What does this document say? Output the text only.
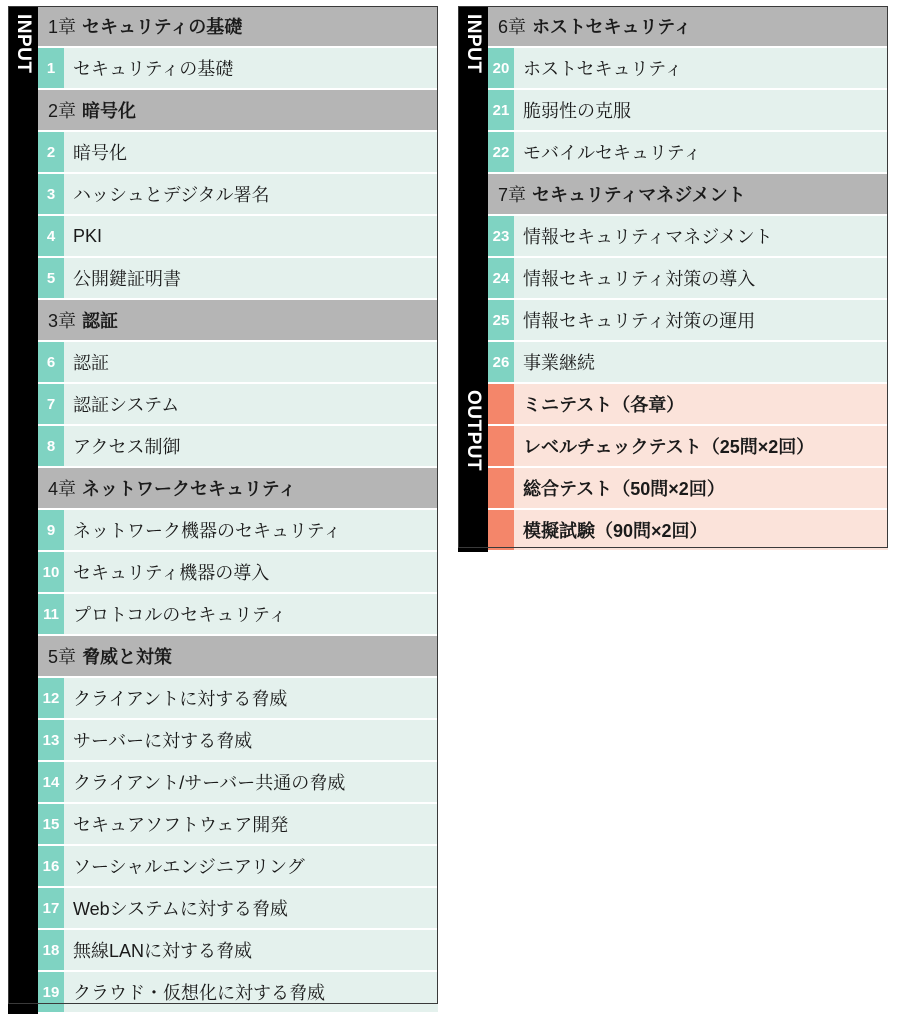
INPUT 1章 セキュリティの基礎
1 セキュリティの基礎
2章 暗号化
2 暗号化
3 ハッシュとデジタル署名
4 PKI
5 公開鍵証明書
3章 認証
6 認証
7 認証システム
8 アクセス制御
4章 ネットワークセキュリティ
9 ネットワーク機器のセキュリティ
10 セキュリティ機器の導入
11 プロトコルのセキュリティ
5章 脅威と対策
12 クライアントに対する脅威
13 サーバーに対する脅威
14 クライアント/サーバー共通の脅威
15 セキュアソフトウェア開発
16 ソーシャルエンジニアリング
17 Webシステムに対する脅威
18 無線LANに対する脅威
19 クラウド・仮想化に対する脅威
INPUT
OUTPUT
6章 ホストセキュリティ
20 ホストセキュリティ
21 脆弱性の克服
22 モバイルセキュリティ
7章 セキュリティマネジメント
23 情報セキュリティマネジメント
24 情報セキュリティ対策の導入
25 情報セキュリティ対策の運用
26 事業継続
ミニテスト（各章）
レベルチェックテスト（25問×2回）
総合テスト（50問×2回）
模擬試験（90問×2回）
